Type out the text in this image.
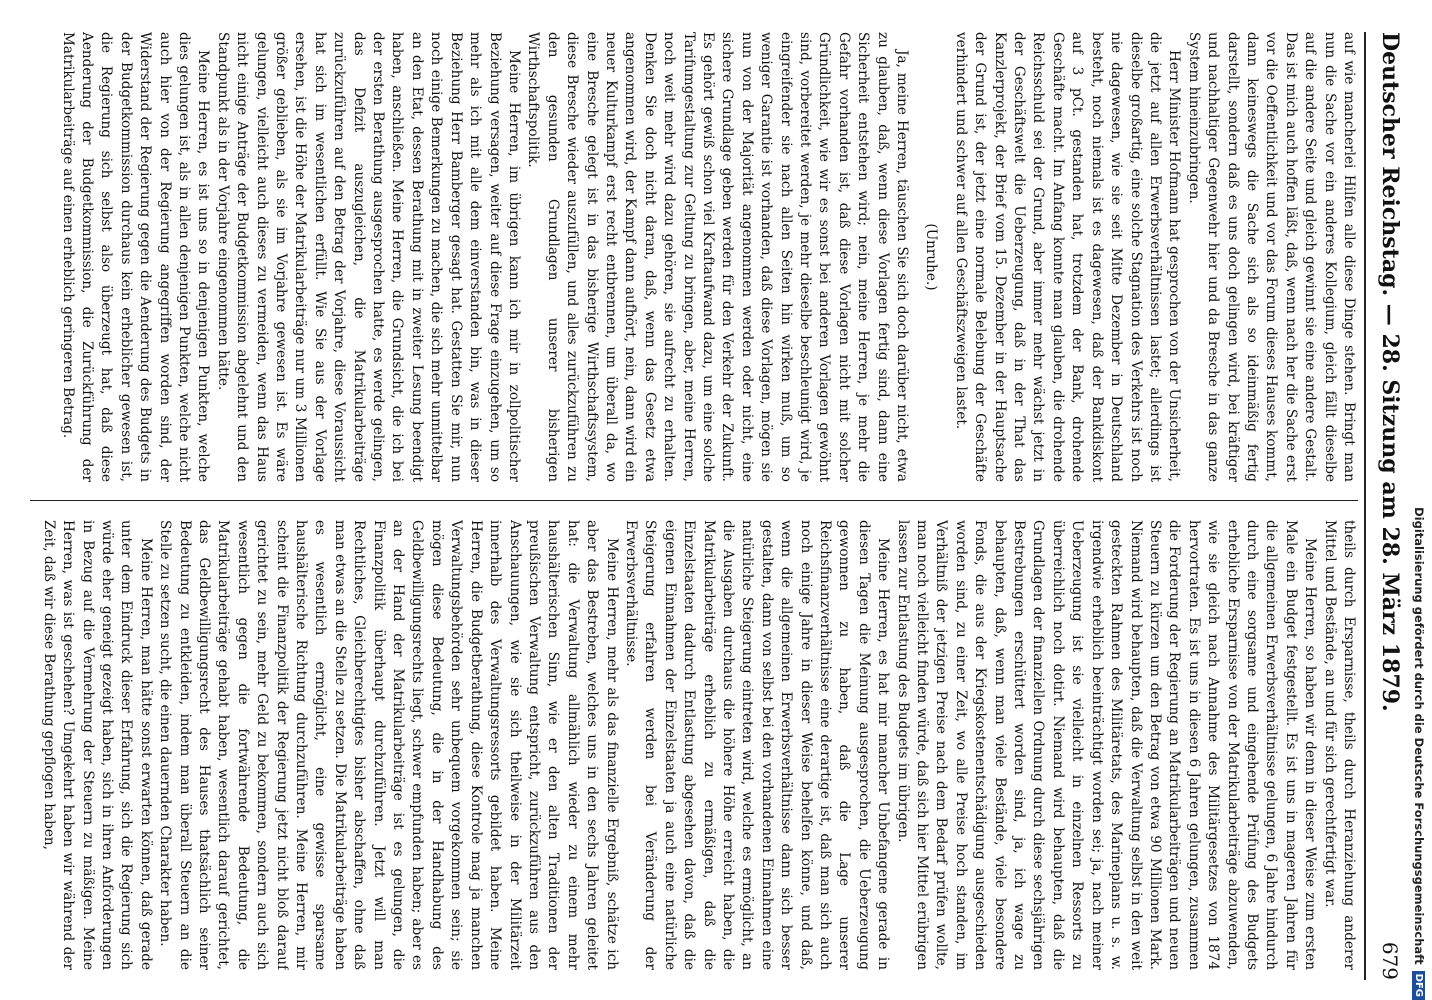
Deutscher Reichstag. — 28. Sitzung am 28. März 1879.
679

auf wie mancherlei Hilfen alle diese Dinge stehen. Bringt man nun die Sache vor ein anderes Kollegium, gleich fällt dieselbe auf die andere Seite und gleich gewinnt sie eine andere Gestalt. Das ist mich auch hoffen läßt, daß, wenn nach her die Sache erst vor die Oeffentlichkeit und vor das Forum dieses Hauses kommt, dann keineswegs die Sache sich als so ideinmäßig fertig darstellt, sondern daß es uns doch gelingen wird, bei kräftiger und nachhaltiger Gegenwehr hier und da Bresche in das ganze System hineinzubringen.

Herr Minister Hofmann hat gesprochen von der Unsicherheit, die jetzt auf allen Erwerbsverhältnissen lastet; allerdings ist dieselbe großartig, eine solche Stagnation des Verkehrs ist noch nie dagewesen, wie sie seit Mitte Dezember in Deutschland besteht, noch niemals ist es dagewesen, daß der Bankdiskont auf 3 pCt. gestanden hat, trotzdem der Bank, drohende Geschäfte macht. Im Anfang konnte man glauben, die drohende Reichsschuld sei der Grund, aber immer mehr wächst jetzt in der Geschäftswelt die Ueberzeugung, daß in der That das Kanzlerprojekt, der Brief vom 15. Dezember in der Hauptsache der Grund ist, der jetzt eine normale Belebung der Geschäfte verhindert und schwer auf allen Geschäftszweigen lastet.

(Unruhe.)

Ja, meine Herren, täuschen Sie sich doch darüber nicht, etwa zu glauben, daß, wenn diese Vorlagen fertig sind, dann eine Sicherheit entstehen wird; nein, meine Herren, je mehr die Gefahr vorhanden ist, daß diese Vorlagen nicht mit solcher Gründlichkeit, wie wir es sonst bei anderen Vorlagen gewöhnt sind, vorbereitet werden, je mehr dieselbe beschleunigt wird, je eingreifender sie nach allen Seiten hin wirken muß, um so weniger Garantie ist vorhanden, daß diese Vorlagen, mögen sie nun von der Majorität angenommen werden oder nicht, eine sichere Grundlage geben werden für den Verkehr der Zukunft. Es gehört gewiß schon viel Kraftaufwand dazu, um eine solche Tarifumgestaltung zur Geltung zu bringen, aber, meine Herren, noch weit mehr wird dazu gehören, sie aufrecht zu erhalten. Denken Sie doch nicht daran, daß, wenn das Gesetz etwa angenommen wird, der Kampf dann aufhört, nein, dann wird ein neuer Kulturkampf erst recht entbrennen, um überall da, wo eine Bresche gelegt ist in das bisherige Wirthschaftssystem, diese Bresche wieder auszufüllen, und alles zurückzuführen zu den gesunden Grundlagen unserer bisherigen Wirthschaftspolitik.

Meine Herren, im übrigen kann ich mir in zollpolitischer Beziehung versagen, weiter auf diese Frage einzugehen, um so mehr als ich mit alle dem einverstanden bin, was in dieser Beziehung Herr Bamberger gesagt hat. Gestatten Sie mir, nun noch einige Bemerkungen zu machen, die sich mehr unmittelbar an den Etat, dessen Berathung mit in zweiter Lesung beendigt haben, anschließen. Meine Herren, die Grundsicht, die ich bei der ersten Berathung ausgesprochen hatte, es werde gelingen, das Defizit auszugleichen, die Matrikularbeiträge zurückzuführen auf den Betrag der Vorjahre, diese Voraussicht hat sich im wesentlichen erfüllt. Wie Sie aus der Vorlage ersehen, ist die Höhe der Matrikularbeiträge nur um 3 Millionen größer geblieben, als sie im Vorjahre gewesen ist. Es wäre gelungen, vielleicht auch dieses zu vermeiden, wenn das Haus nicht einige Anträge der Budgetkommission abgelehnt und den Standpunkt als in der Vorjahre eingenommen hätte.

Meine Herren, es ist uns so in denjenigen Punkten, welche dies gelungen ist, als in allen denjenigen Punkten, welche nicht auch hier von der Regierung angegriffen worden sind, der Widerstand der Regierung gegen die Aenderung des Budgets in der Budgetkommission durchaus kein erheblicher gewesen ist, die Regierung sich selbst also überzeugt hat, daß diese Aenderung der Budgetkommission, die Zurückführung der Matrikularbeiträge auf einen erheblich geringeren Betrag.

theils durch Ersparnisse, theils durch Heranziehung anderer Mittel und Bestände, an und für sich gerechtfertigt war.

Meine Herren, so haben wir denn in dieser Weise zum ersten Male ein Budget festgestellt. Es ist uns in mageren Jahren für die allgemeinen Erwerbsverhältnisse gelungen, 6 Jahre hindurch durch eine sorgsame und eingehende Prüfung des Budgets erhebliche Ersparnisse von der Matrikularbeiträge abzuwenden, wie sie gleich nach Annahme des Militärgesetzes von 1874 hervortraten. Es ist uns in diesen 6 Jahren gelungen, zusammen die Forderung der Regierung an Matrikularbeiträgen und neuen Steuern zu kürzen um den Betrag von etwa 90 Millionen Mark. Niemand wird behaupten, daß die Verwaltung selbst in den weit gesteckten Rahmen des Militäretats, des Marineplans u. s. w. irgendwie erheblich beeinträchtigt worden sei; ja, nach meiner Ueberzeugung ist sie vielleicht in einzelnen Ressorts zu überreichlich noch dotirt. Niemand wird behaupten, daß die Grundlagen der finanziellen Ordnung durch diese sechsjährigen Bestrebungen erschüttert worden sind, ja, ich wage zu behaupten, daß, wenn man viele Bestände, viele besondere Fonds, die aus der Kriegskostenentschädigung ausgeschieden worden sind, zu einer Zeit, wo alle Preise hoch standen, im Verhältniß der jetzigen Preise nach dem Bedarf prüfen wollte, man noch vielleicht finden würde, daß sich hier Mittel erübrigen lassen zur Entlastung des Budgets im übrigen.

Meine Herren, es hat mir mancher Unbefangene gerade in diesen Tagen die Meinung ausgesprochen, die Ueberzeugung gewonnen zu haben, daß die Lage unserer Reichsfinanzverhältnisse eine derartige ist, daß man sich auch noch einige Jahre in dieser Weise behelfen könne, und daß, wenn die allgemeinen Erwerbsverhältnisse dann sich besser gestalten, dann von selbst bei den vorhandenen Einnahmen eine natürliche Steigerung eintreten wird, welche es ermöglicht, an die Ausgaben durchaus die höhere Höhe erreicht haben, die Matrikularbeiträge erheblich zu ermäßigen, daß die Einzelstaaten dadurch Entlastung abgesehen davon, daß die eigenen Einnahmen der Einzelstaaten ja auch eine natürliche Steigerung erfahren werden bei Veränderung der Erwerbsverhältnisse.

Meine Herren, mehr als das finanzielle Ergebniß, schätze ich aber das Bestreben, welches uns in den sechs Jahren geleitet hat: die Verwaltung allmählich wieder zu einem mehr haushälterischen Sinn, wie er den alten Traditionen der preußischen Verwaltung entspricht, zurückzuführen aus den Anschauungen, wie sie sich theilweise in der Militärzeit innerhalb des Verwaltungsressorts gebildet haben. Meine Herren, die Budgetberathung, diese Kontrole mag ja manchen Verwaltungsbehörden sehr unbequem vorgekommen sein; sie mögen diese Bedeutung, die in der Handhabung des Geldbewilligungsrechts liegt, schwer empfunden haben; aber es an der Hand der Matrikularbeiträge ist es gelungen, die Finanzpolitik überhaupt durchzuführen. Jetzt will man Rechtliches, Gleichberechtigtes bisher abschaffen, ohne daß man etwas an die Stelle zu setzen. Die Matrikularbeiträge haben es wesentlich ermöglicht, eine gewisse sparsame haushälterische Richtung durchzuführen. Meine Herren, mir scheint die Finanzpolitik der Regierung jetzt nicht bloß darauf gerichtet zu sein, mehr Geld zu bekommen, sondern auch sich wesentlich gegen die fortwährende Bedeutung, die Matrikularbeiträge gehabt haben, wesentlich darauf gerichtet, das Geldbewilligungsrecht des Hauses thatsächlich seiner Bedeutung zu entkleiden, indem man überall Steuern an die Stelle zu setzen sucht, die einen dauernden Charakter haben.

Meine Herren, man hätte sonst erwarten können, daß gerade unter dem Eindruck dieser Erfahrung, sich die Regierung sich würde eher geneigt gezeigt haben, sich in ihren Anforderungen in Bezug auf die Vermehrung der Steuern zu mäßigen. Meine Herren, was ist geschehen? Umgekehrt haben wir während der Zeit, daß wir diese Berathung gepflogen haben,	Digitalisierung gefördert durch die Deutsche Forschungsgemeinschaft
DFG
